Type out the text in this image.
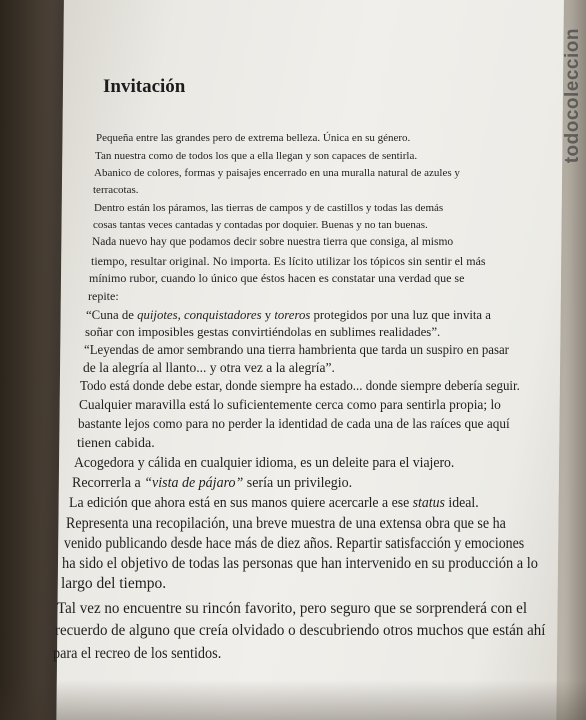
todocoleccion
Invitación
Pequeña entre las grandes pero de extrema belleza. Única en su género.
Tan nuestra como de todos los que a ella llegan y son capaces de sentirla.
Abanico de colores, formas y paisajes encerrado en una muralla natural de azules y
terracotas.
Dentro están los páramos, las tierras de campos y de castillos y todas las demás
cosas tantas veces cantadas y contadas por doquier. Buenas y no tan buenas.
Nada nuevo hay que podamos decir sobre nuestra tierra que consiga, al mismo
tiempo, resultar original. No importa. Es lícito utilizar los tópicos sin sentir el más
mínimo rubor, cuando lo único que éstos hacen es constatar una verdad que se
repite:
“Cuna de quijotes, conquistadores y toreros protegidos por una luz que invita a
soñar con imposibles gestas convirtiéndolas en sublimes realidades”.
“Leyendas de amor sembrando una tierra hambrienta que tarda un suspiro en pasar
de la alegría al llanto... y otra vez a la alegría”.
Todo está donde debe estar, donde siempre ha estado... donde siempre debería seguir.
Cualquier maravilla está lo suficientemente cerca como para sentirla propia; lo
bastante lejos como para no perder la identidad de cada una de las raíces que aquí
tienen cabida.
Acogedora y cálida en cualquier idioma, es un deleite para el viajero.
Recorrerla a “vista de pájaro” sería un privilegio.
La edición que ahora está en sus manos quiere acercarle a ese status ideal.
Representa una recopilación, una breve muestra de una extensa obra que se ha
venido publicando desde hace más de diez años. Repartir satisfacción y emociones
ha sido el objetivo de todas las personas que han intervenido en su producción a lo
largo del tiempo.
Tal vez no encuentre su rincón favorito, pero seguro que se sorprenderá con el
recuerdo de alguno que creía olvidado o descubriendo otros muchos que están ahí
para el recreo de los sentidos.
